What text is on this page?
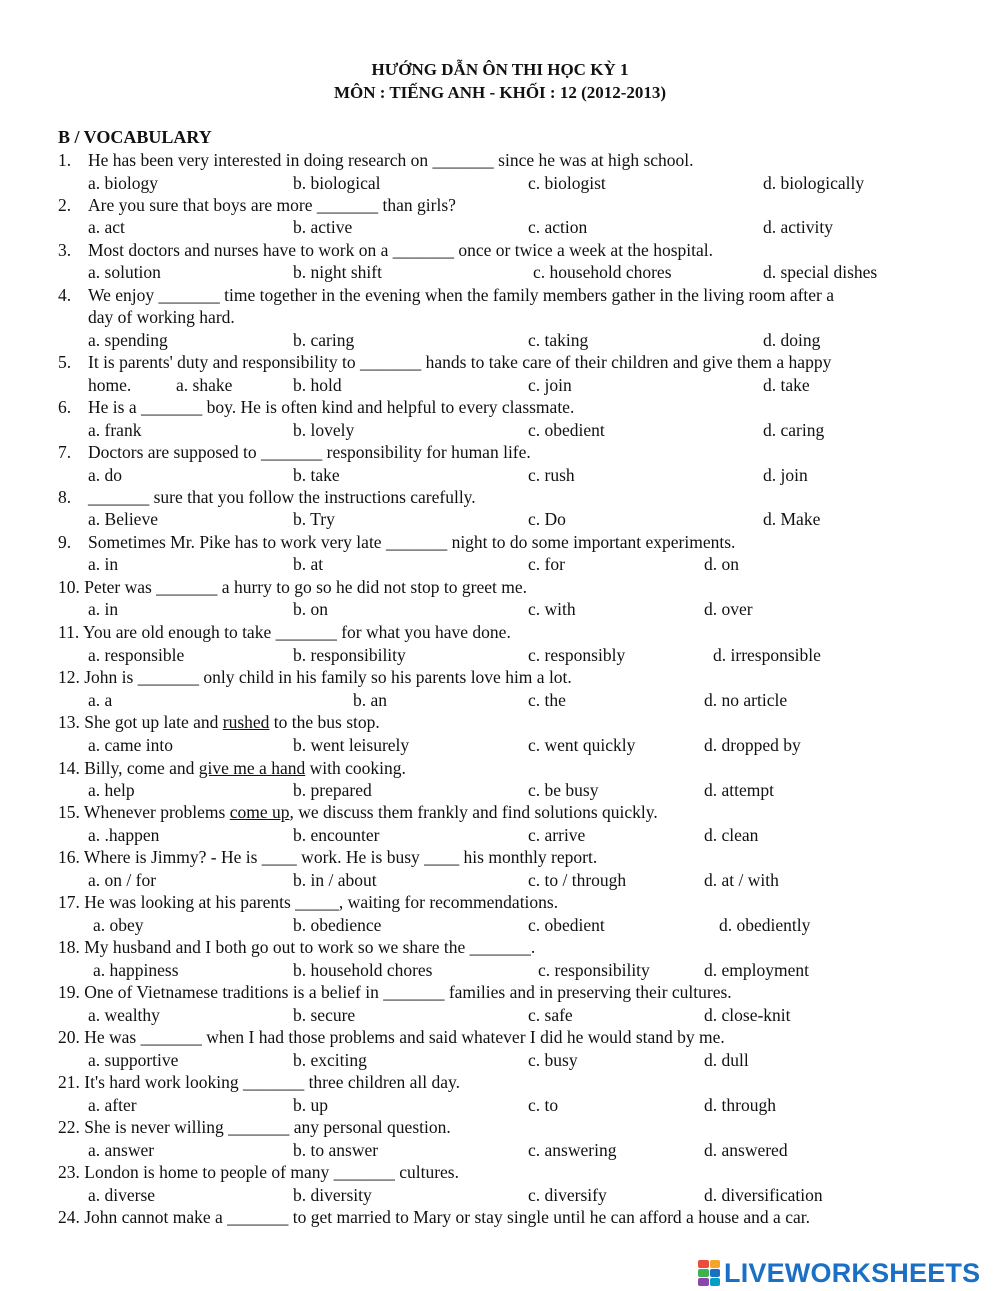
HƯỚNG DẪN ÔN THI HỌC KỲ 1
MÔN : TIẾNG ANH - KHỐI : 12 (2012-2013)
B / VOCABULARY
1. He has been very interested in doing research on _______ since he was at high school.
a. biology	b. biological	c. biologist	d. biologically
2. Are you sure that boys are more _______ than girls?
a. act	b. active	c. action	d. activity
3. Most doctors and nurses have to work on a _______ once or twice a week at the hospital.
a. solution	b. night shift	c. household chores	d. special dishes
4. We enjoy _______ time together in the evening when the family members gather in the living room after a
day of working hard.
a. spending	b. caring	c. taking	d. doing
5. It is parents' duty and responsibility to _______ hands to take care of their children and give them a happy
home.	a. shake	b. hold	c. join	d. take
6. He is a _______ boy. He is often kind and helpful to every classmate.
a. frank	b. lovely	c. obedient	d. caring
7. Doctors are supposed to _______ responsibility for human life.
a. do	b. take	c. rush	d. join
8. _______ sure that you follow the instructions carefully.
a. Believe	b. Try	c. Do	d. Make
9. Sometimes Mr. Pike has to work very late _______ night to do some important experiments.
a. in	b. at	c. for	d. on
10. Peter was _______ a hurry to go so he did not stop to greet me.
a. in	b. on	c. with	d. over
11. You are old enough to take _______ for what you have done.
a. responsible	b. responsibility	c. responsibly	d. irresponsible
12. John is _______ only child in his family so his parents love him a lot.
a. a	b. an	c. the	d. no article
13. She got up late and rushed to the bus stop.
a. came into	b. went leisurely	c. went quickly	d. dropped by
14. Billy, come and give me a hand with cooking.
a. help	b. prepared	c. be busy	d. attempt
15. Whenever problems come up, we discuss them frankly and find solutions quickly.
a. .happen	b. encounter	c. arrive	d. clean
16. Where is Jimmy? - He is ____ work. He is busy ____ his monthly report.
a. on / for	b. in / about	c. to / through	d. at / with
17. He was looking at his parents _____, waiting for recommendations.
a. obey	b. obedience	c. obedient	d. obediently
18. My husband and I both go out to work so we share the _______.
a. happiness	b. household chores	c. responsibility	d. employment
19. One of Vietnamese traditions is a belief in _______ families and in preserving their cultures.
a. wealthy	b. secure	c. safe	d. close-knit
20. He was _______ when I had those problems and said whatever I did he would stand by me.
a. supportive	b. exciting	c. busy	d. dull
21. It's hard work looking _______ three children all day.
a. after	b. up	c. to	d. through
22. She is never willing _______ any personal question.
a. answer	b. to answer	c. answering	d. answered
23. London is home to people of many _______ cultures.
a. diverse	b. diversity	c. diversify	d. diversification
24. John cannot make a _______ to get married to Mary or stay single until he can afford a house and a car.
LIVEWORKSHEETS
